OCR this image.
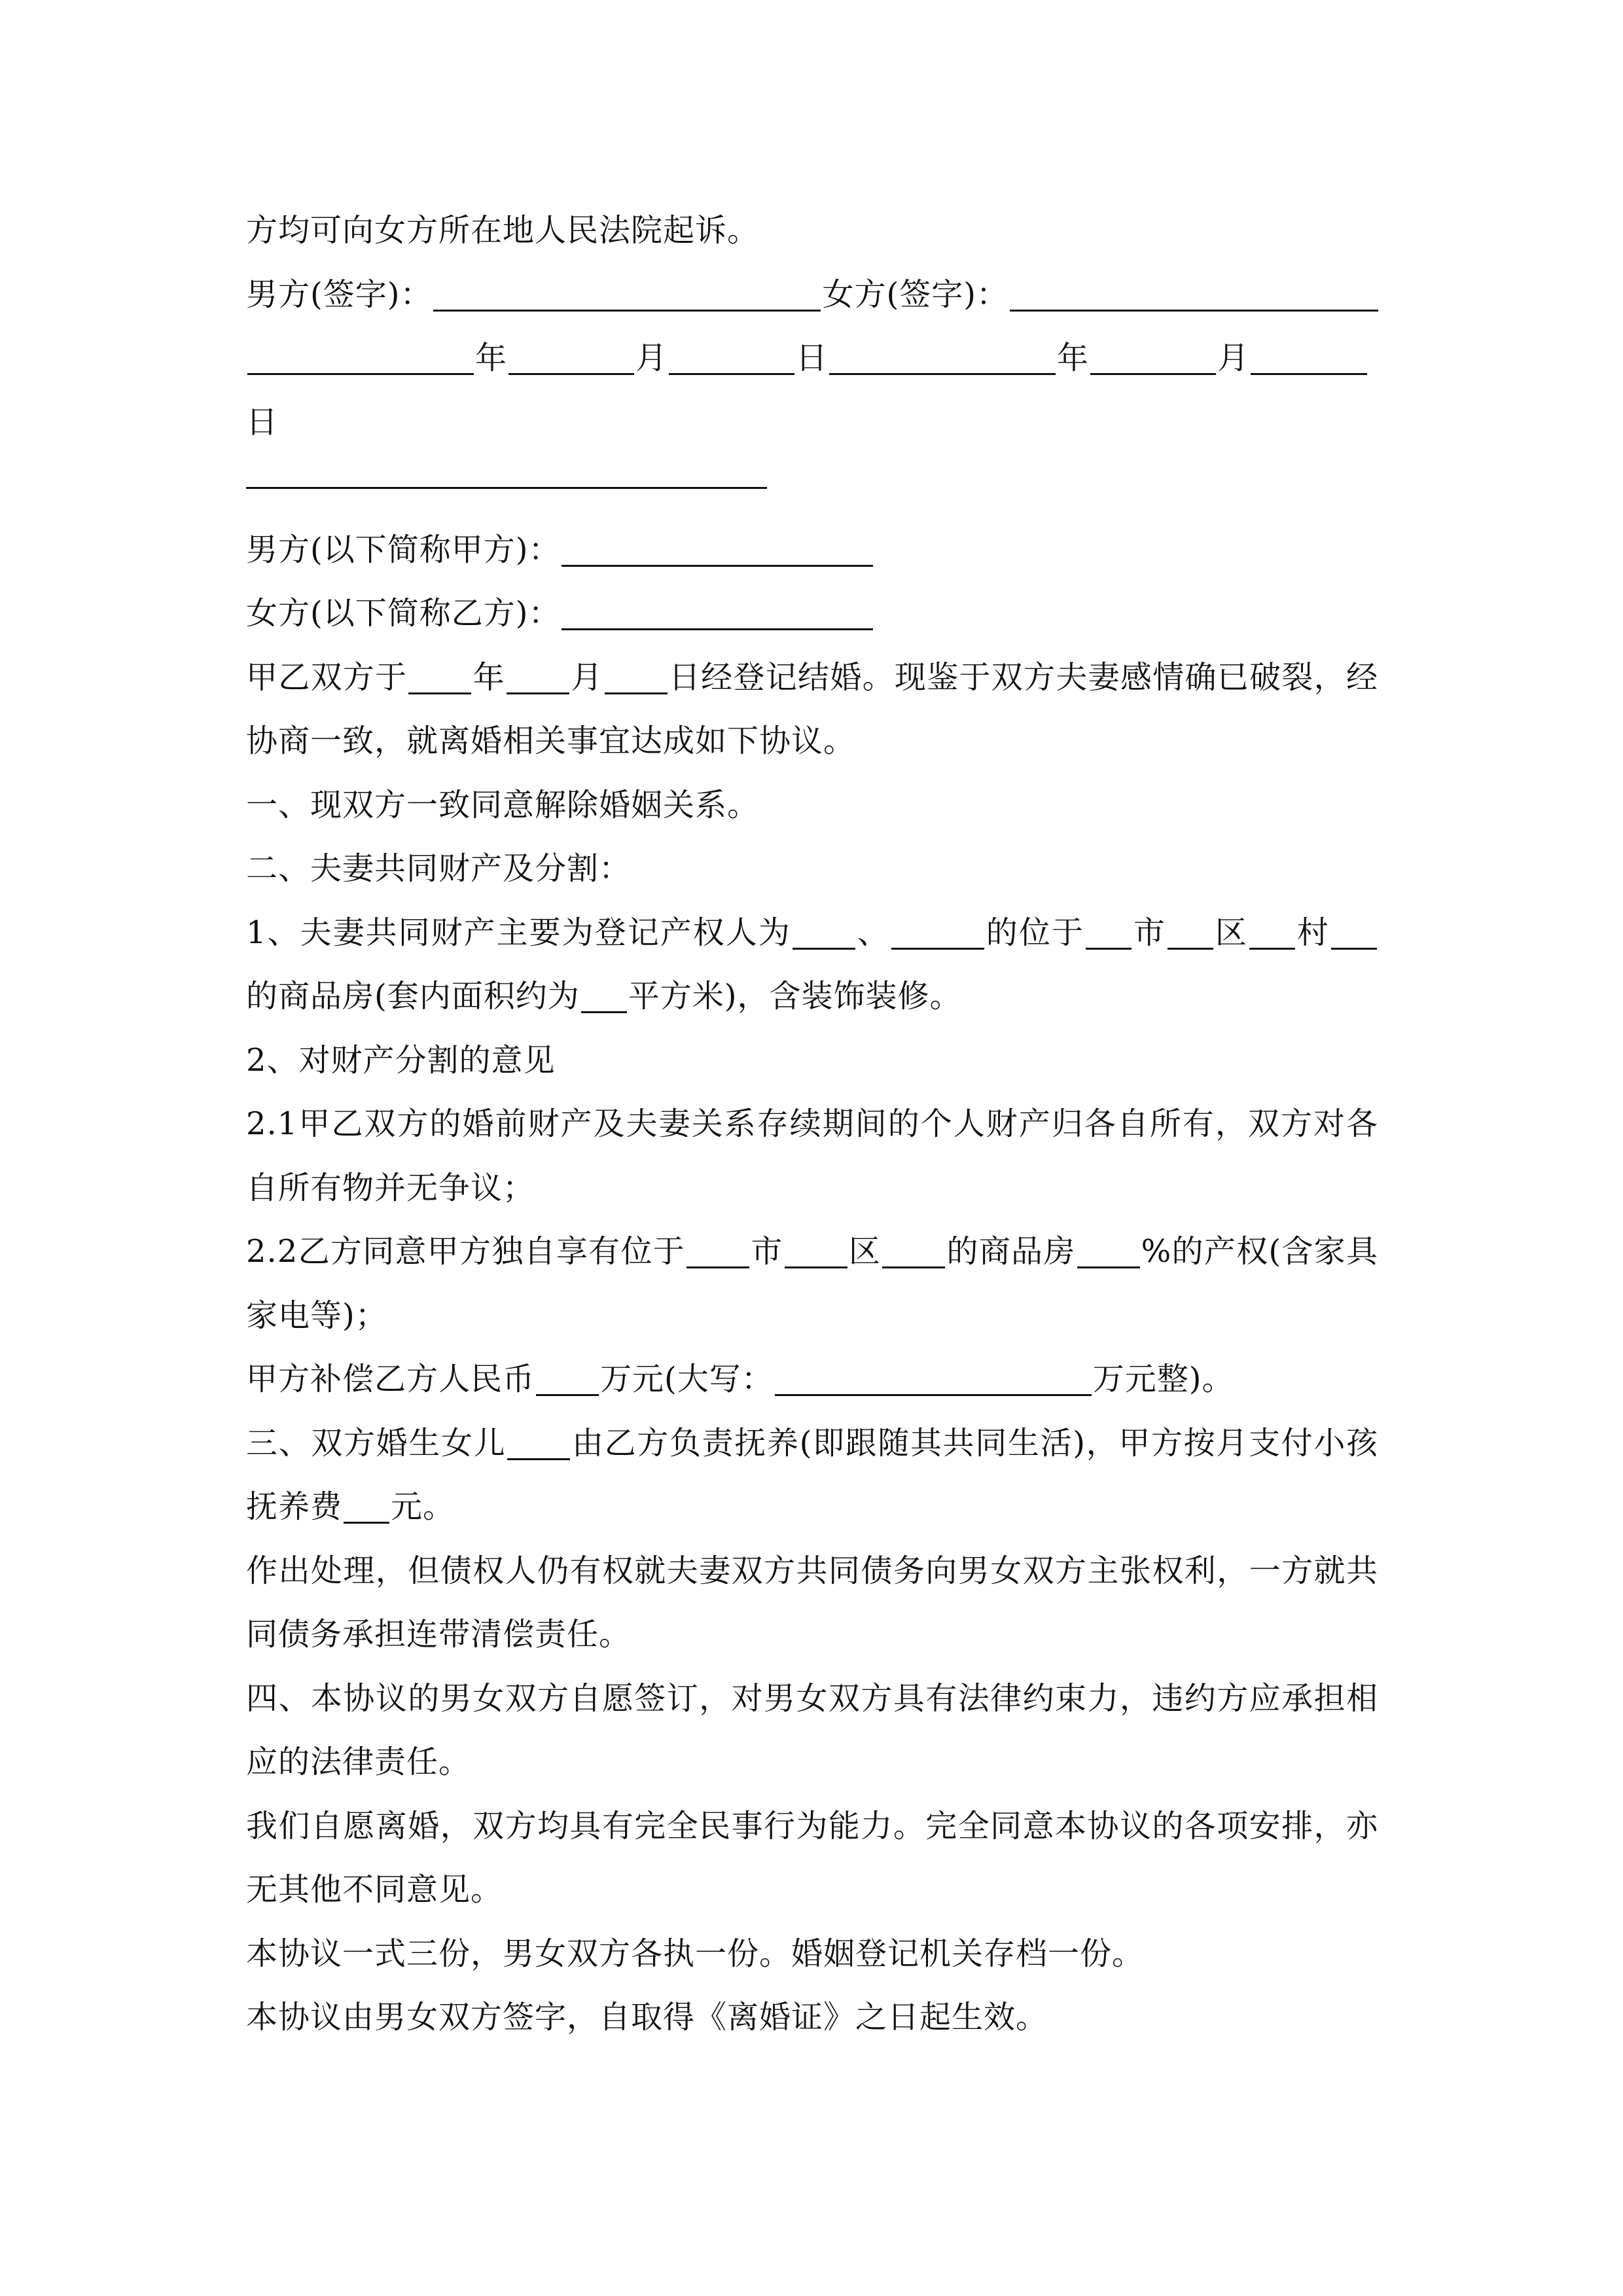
方均可向女方所在地人民法院起诉。
男方(签字)：	女方(签字)：
年	月	日	年	月
日
男方(以下简称甲方)：
女方(以下简称乙方)：
甲乙双方于 年 月 日经登记结婚。现鉴于双方夫妻感情确已破裂，经
协商一致，就离婚相关事宜达成如下协议。
一、现双方一致同意解除婚姻关系。
二、夫妻共同财产及分割：
1、夫妻共同财产主要为登记产权人为 、	的位于 市 区 村
的商品房(套内面积约为 平方米)，含装饰装修。
2、对财产分割的意见
2.1甲乙双方的婚前财产及夫妻关系存续期间的个人财产归各自所有，双方对各
自所有物并无争议；
2.2乙方同意甲方独自享有位于 市 区 的商品房 %的产权(含家具
家电等)；
甲方补偿乙方人民币 万元(大写：	万元整)。
三、双方婚生女儿 由乙方负责抚养(即跟随其共同生活)，甲方按月支付小孩
抚养费 元。
作出处理，但债权人仍有权就夫妻双方共同债务向男女双方主张权利，一方就共
同债务承担连带清偿责任。
四、本协议的男女双方自愿签订，对男女双方具有法律约束力，违约方应承担相
应的法律责任。
我们自愿离婚，双方均具有完全民事行为能力。完全同意本协议的各项安排，亦
无其他不同意见。
本协议一式三份，男女双方各执一份。婚姻登记机关存档一份。
本协议由男女双方签字，自取得《离婚证》之日起生效。
